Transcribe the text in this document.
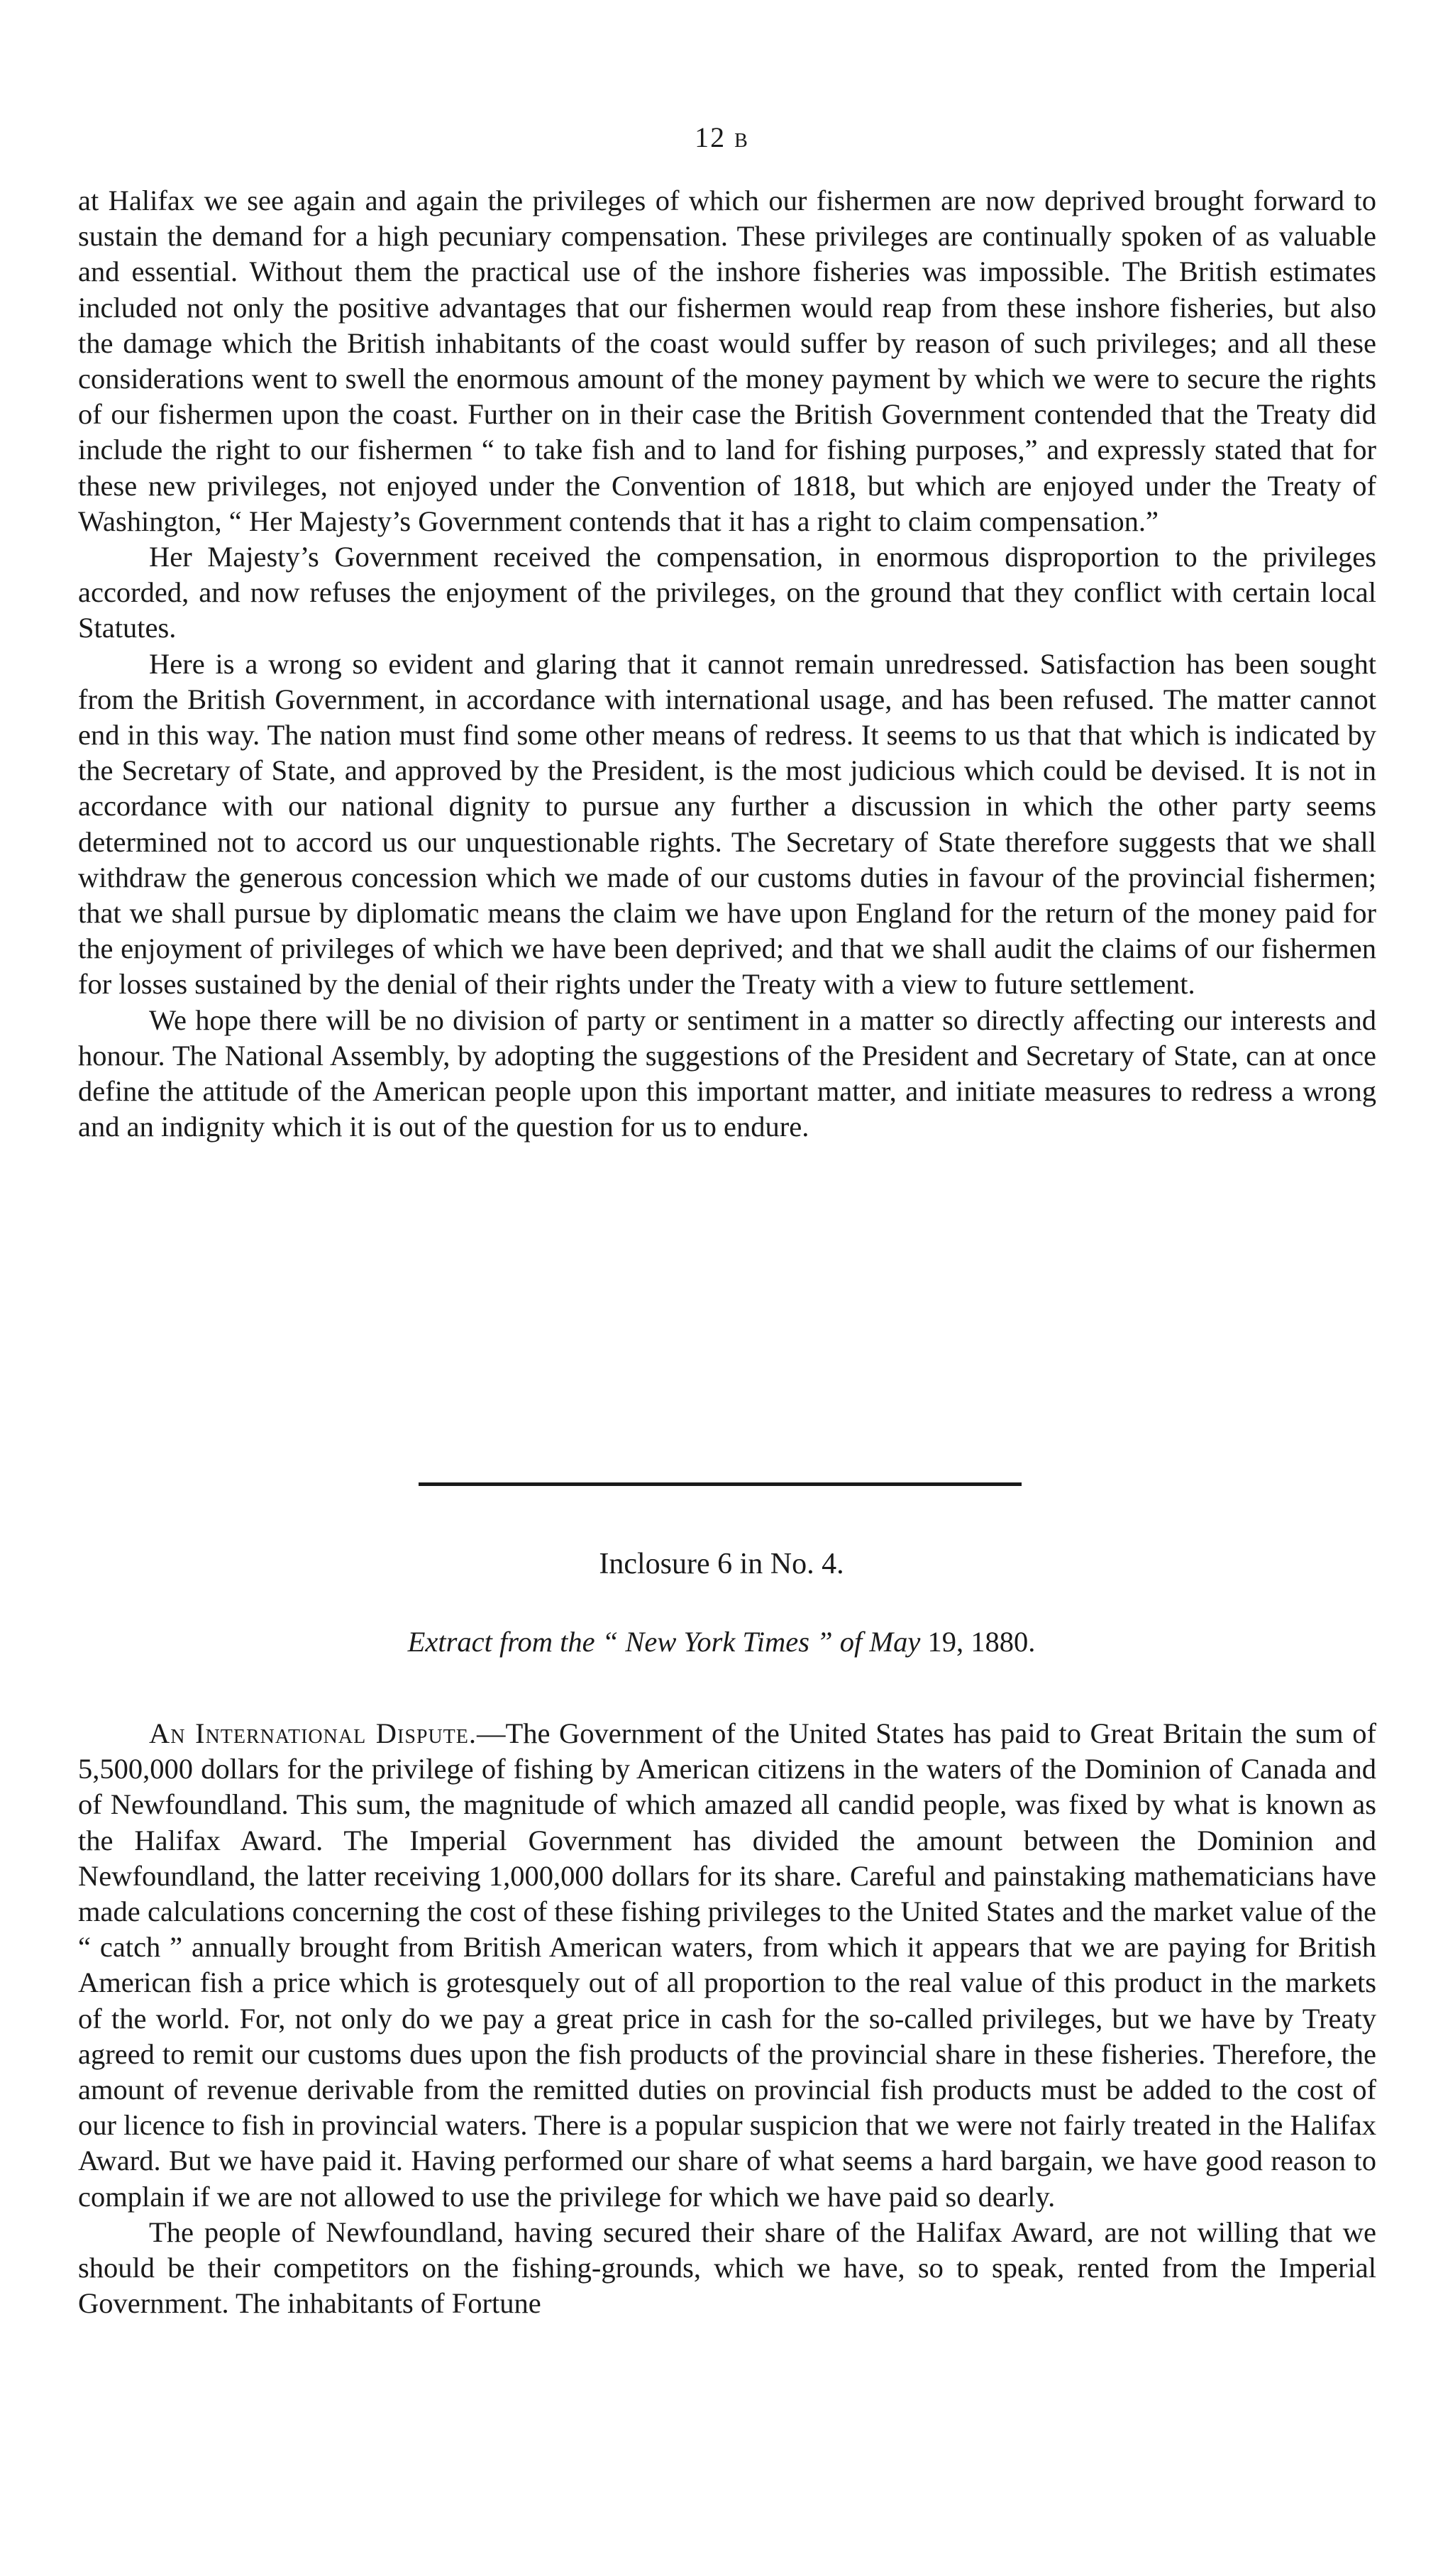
12 B

at Halifax we see again and again the privileges of which our fishermen are now deprived brought forward to sustain the demand for a high pecuniary compensation. These privileges are continually spoken of as valuable and essential. Without them the practical use of the inshore fisheries was impossible. The British estimates included not only the positive advantages that our fishermen would reap from these inshore fisheries, but also the damage which the British inhabitants of the coast would suffer by reason of such privileges; and all these considerations went to swell the enormous amount of the money payment by which we were to secure the rights of our fishermen upon the coast. Further on in their case the British Government contended that the Treaty did include the right to our fishermen “ to take fish and to land for fishing purposes,” and expressly stated that for these new privileges, not enjoyed under the Convention of 1818, but which are enjoyed under the Treaty of Washington, “ Her Majesty’s Government contends that it has a right to claim compensation.”

Her Majesty’s Government received the compensation, in enormous disproportion to the privileges accorded, and now refuses the enjoyment of the privileges, on the ground that they conflict with certain local Statutes.

Here is a wrong so evident and glaring that it cannot remain unredressed. Satisfaction has been sought from the British Government, in accordance with international usage, and has been refused. The matter cannot end in this way. The nation must find some other means of redress. It seems to us that that which is indicated by the Secretary of State, and approved by the President, is the most judicious which could be devised. It is not in accordance with our national dignity to pursue any further a discussion in which the other party seems determined not to accord us our unquestionable rights. The Secretary of State therefore suggests that we shall withdraw the generous concession which we made of our customs duties in favour of the provincial fishermen; that we shall pursue by diplomatic means the claim we have upon England for the return of the money paid for the enjoyment of privileges of which we have been deprived; and that we shall audit the claims of our fishermen for losses sustained by the denial of their rights under the Treaty with a view to future settlement.

We hope there will be no division of party or sentiment in a matter so directly affecting our interests and honour. The National Assembly, by adopting the suggestions of the President and Secretary of State, can at once define the attitude of the American people upon this important matter, and initiate measures to redress a wrong and an indignity which it is out of the question for us to endure.

Inclosure 6 in No. 4.
Extract from the “ New York Times ” of May 19, 1880.

An International Dispute.—The Government of the United States has paid to Great Britain the sum of 5,500,000 dollars for the privilege of fishing by American citizens in the waters of the Dominion of Canada and of Newfoundland. This sum, the magnitude of which amazed all candid people, was fixed by what is known as the Halifax Award. The Imperial Government has divided the amount between the Dominion and Newfoundland, the latter receiving 1,000,000 dollars for its share. Careful and painstaking mathematicians have made calculations concerning the cost of these fishing privileges to the United States and the market value of the “ catch ” annually brought from British American waters, from which it appears that we are paying for British American fish a price which is grotesquely out of all proportion to the real value of this product in the markets of the world. For, not only do we pay a great price in cash for the so-called privileges, but we have by Treaty agreed to remit our customs dues upon the fish products of the provincial share in these fisheries. Therefore, the amount of revenue derivable from the remitted duties on provincial fish products must be added to the cost of our licence to fish in provincial waters. There is a popular suspicion that we were not fairly treated in the Halifax Award. But we have paid it. Having performed our share of what seems a hard bargain, we have good reason to complain if we are not allowed to use the privilege for which we have paid so dearly.

The people of Newfoundland, having secured their share of the Halifax Award, are not willing that we should be their competitors on the fishing-grounds, which we have, so to speak, rented from the Imperial Government. The inhabitants of Fortune
